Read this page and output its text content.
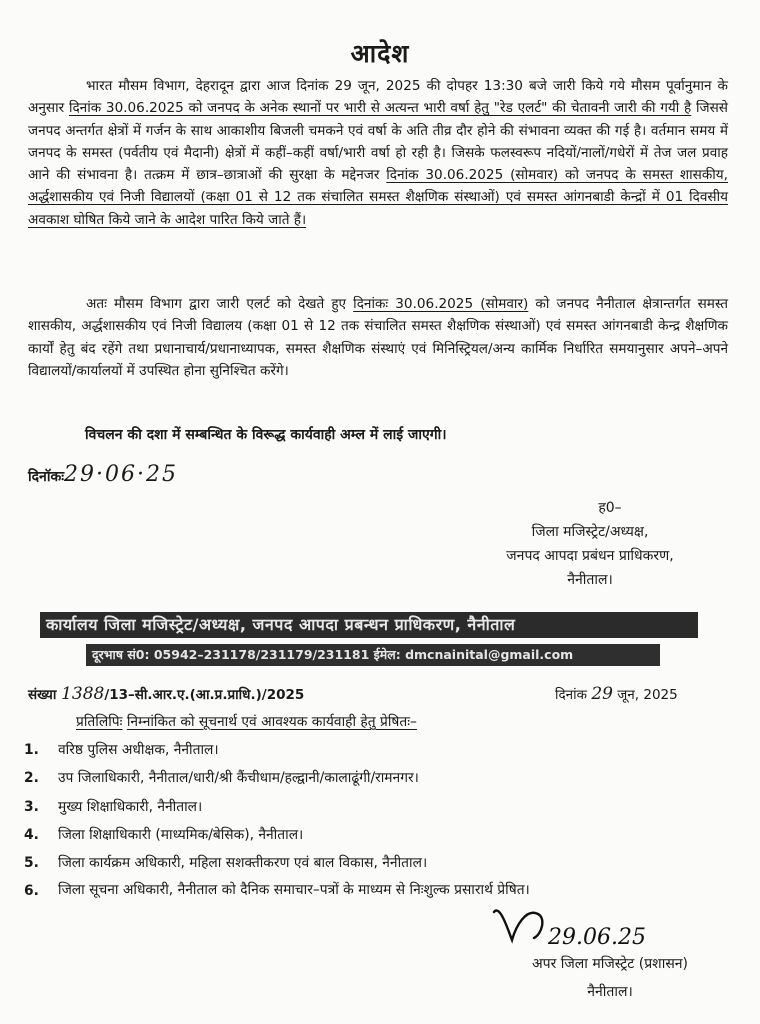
आदेश
भारत मौसम विभाग, देहरादून द्वारा आज दिनांक 29 जून, 2025 की दोपहर 13:30 बजे जारी किये गये मौसम पूर्वानुमान के अनुसार दिनांक 30.06.2025 को जनपद के अनेक स्थानों पर भारी से अत्यन्त भारी वर्षा हेतु "रेड एलर्ट" की चेतावनी जारी की गयी है जिससे जनपद अन्तर्गत क्षेत्रों में गर्जन के साथ आकाशीय बिजली चमकने एवं वर्षा के अति तीव्र दौर होने की संभावना व्यक्त की गई है। वर्तमान समय में जनपद के समस्त (पर्वतीय एवं मैदानी) क्षेत्रों में कहीं–कहीं वर्षा/भारी वर्षा हो रही है। जिसके फलस्वरूप नदियों/नालों/गधेरों में तेज जल प्रवाह आने की संभावना है। तत्क्रम में छात्र–छात्राओं की सुरक्षा के मद्देनजर दिनांक 30.06.2025 (सोमवार) को जनपद के समस्त शासकीय, अर्द्धशासकीय एवं निजी विद्यालयों (कक्षा 01 से 12 तक संचालित समस्त शैक्षणिक संस्थाओं) एवं समस्त आंगनबाडी केन्द्रों में 01 दिवसीय अवकाश घोषित किये जाने के आदेश पारित किये जाते हैं।
अतः मौसम विभाग द्वारा जारी एलर्ट को देखते हुए दिनांकः 30.06.2025 (सोमवार) को जनपद नैनीताल क्षेत्रान्तर्गत समस्त शासकीय, अर्द्धशासकीय एवं निजी विद्यालय (कक्षा 01 से 12 तक संचालित समस्त शैक्षणिक संस्थाओं) एवं समस्त आंगनबाडी केन्द्र शैक्षणिक कार्यों हेतु बंद रहेंगे तथा प्रधानाचार्य/प्रधानाध्यापक, समस्त शैक्षणिक संस्थाएं एवं मिनिस्ट्रियल/अन्य कार्मिक निर्धारित समयानुसार अपने–अपने विद्यालयों/कार्यालयों में उपस्थित होना सुनिश्चित करेंगे।
विचलन की दशा में सम्बन्धित के विरूद्ध कार्यवाही अम्ल में लाई जाएगी।
दिनॉकः29·06·25
ह0–
जिला मजिस्ट्रेट/अध्यक्ष,
जनपद आपदा प्रबंधन प्राधिकरण,
नैनीताल।
कार्यालय जिला मजिस्ट्रेट/अध्यक्ष, जनपद आपदा प्रबन्धन प्राधिकरण, नैनीताल
दूरभाष सं0: 05942–231178/231179/231181 ईमेल: dmcnainital@gmail.com
संख्या 1388/13–सी.आर.ए.(आ.प्र.प्राधि.)/2025	दिनांक 29 जून, 2025
प्रतिलिपिः निम्नांकित को सूचनार्थ एवं आवश्यक कार्यवाही हेतु प्रेषितः–
1.	वरिष्ठ पुलिस अधीक्षक, नैनीताल।
2.	उप जिलाधिकारी, नैनीताल/धारी/श्री कैंचीधाम/हल्द्वानी/कालाढूंगी/रामनगर।
3.	मुख्य शिक्षाधिकारी, नैनीताल।
4.	जिला शिक्षाधिकारी (माध्यमिक/बेसिक), नैनीताल।
5.	जिला कार्यक्रम अधिकारी, महिला सशक्तीकरण एवं बाल विकास, नैनीताल।
6.	जिला सूचना अधिकारी, नैनीताल को दैनिक समाचार–पत्रों के माध्यम से निःशुल्क प्रसारार्थ प्रेषित।
29.06.25
अपर जिला मजिस्ट्रेट (प्रशासन)
नैनीताल।
